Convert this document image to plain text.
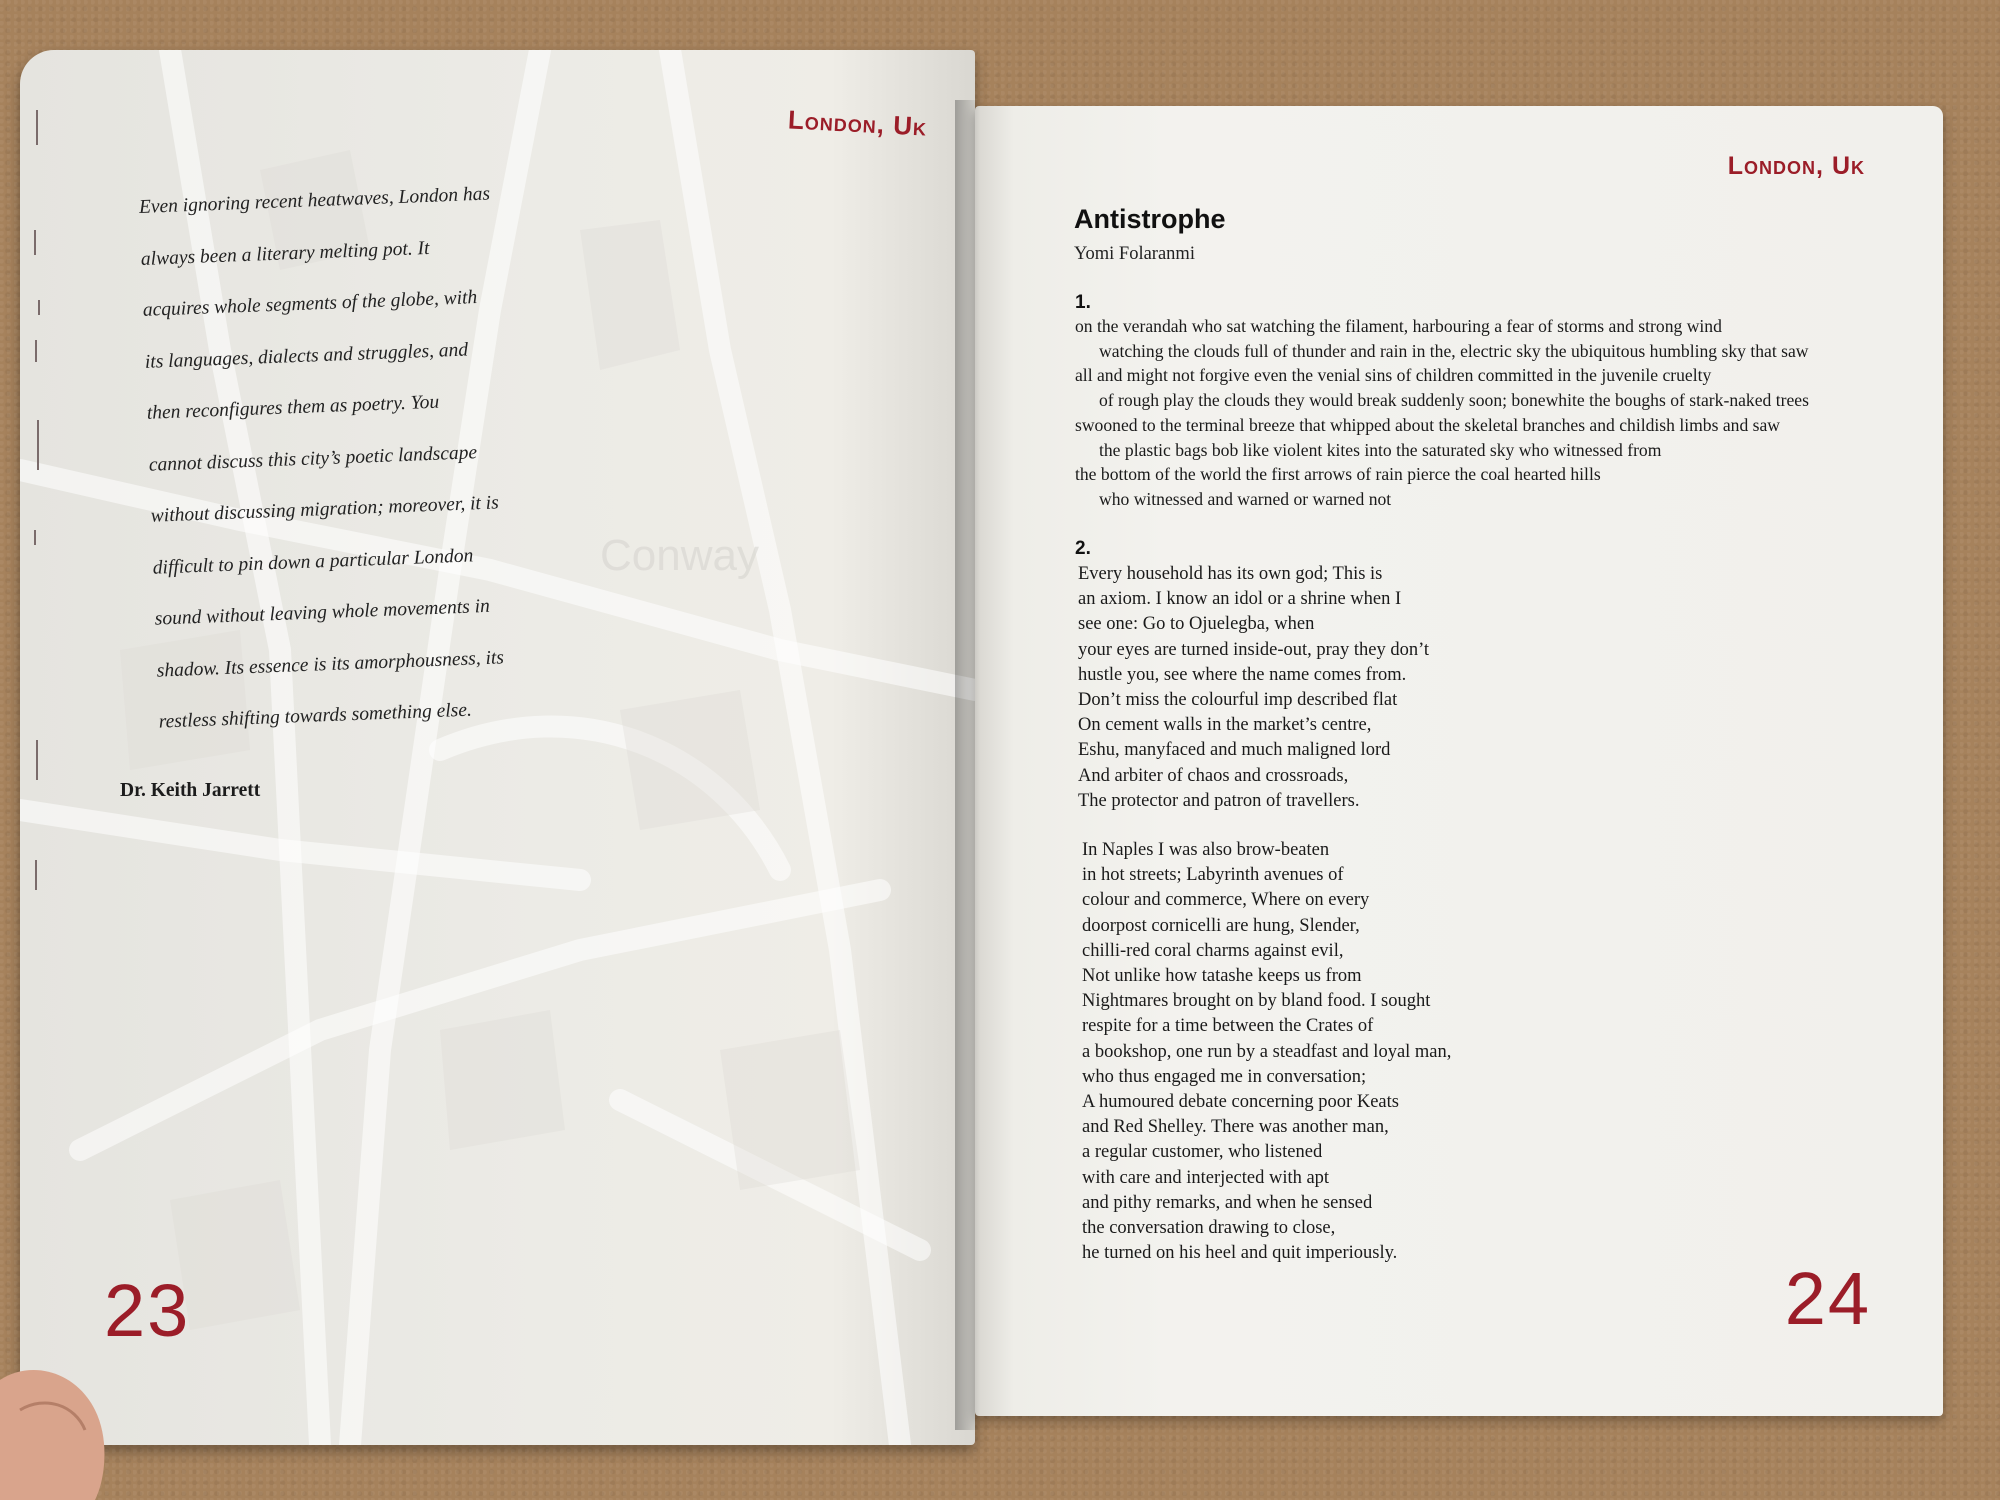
Conway
London, Uk
Even ignoring recent heatwaves, London has
always been a literary melting pot. It
acquires whole segments of the globe, with
its languages, dialects and struggles, and
then reconfigures them as poetry. You
cannot discuss this city’s poetic landscape
without discussing migration; moreover, it is
difficult to pin down a particular London
sound without leaving whole movements in
shadow. Its essence is its amorphousness, its
restless shifting towards something else.
Dr. Keith Jarrett
23
London, Uk
Antistrophe
Yomi Folaranmi
1.
on the verandah who sat watching the filament, harbouring a fear of storms and strong wind
watching the clouds full of thunder and rain in the, electric sky the ubiquitous humbling sky that saw
all and might not forgive even the venial sins of children committed in the juvenile cruelty
of rough play the clouds they would break suddenly soon; bonewhite the boughs of stark-naked trees
swooned to the terminal breeze that whipped about the skeletal branches and childish limbs and saw
the plastic bags bob like violent kites into the saturated sky who witnessed from
the bottom of the world the first arrows of rain pierce the coal hearted hills
who witnessed and warned or warned not
2.
Every household has its own god; This is
an axiom. I know an idol or a shrine when I
see one: Go to Ojuelegba, when
your eyes are turned inside-out, pray they don’t
hustle you, see where the name comes from.
Don’t miss the colourful imp described flat
On cement walls in the market’s centre,
Eshu, manyfaced and much maligned lord
And arbiter of chaos and crossroads,
The protector and patron of travellers.
In Naples I was also brow-beaten
in hot streets; Labyrinth avenues of
colour and commerce, Where on every
doorpost cornicelli are hung, Slender,
chilli-red coral charms against evil,
Not unlike how tatashe keeps us from
Nightmares brought on by bland food. I sought
respite for a time between the Crates of
a bookshop, one run by a steadfast and loyal man,
who thus engaged me in conversation;
A humoured debate concerning poor Keats
and Red Shelley. There was another man,
a regular customer, who listened
with care and interjected with apt
and pithy remarks, and when he sensed
the conversation drawing to close,
he turned on his heel and quit imperiously.
24
